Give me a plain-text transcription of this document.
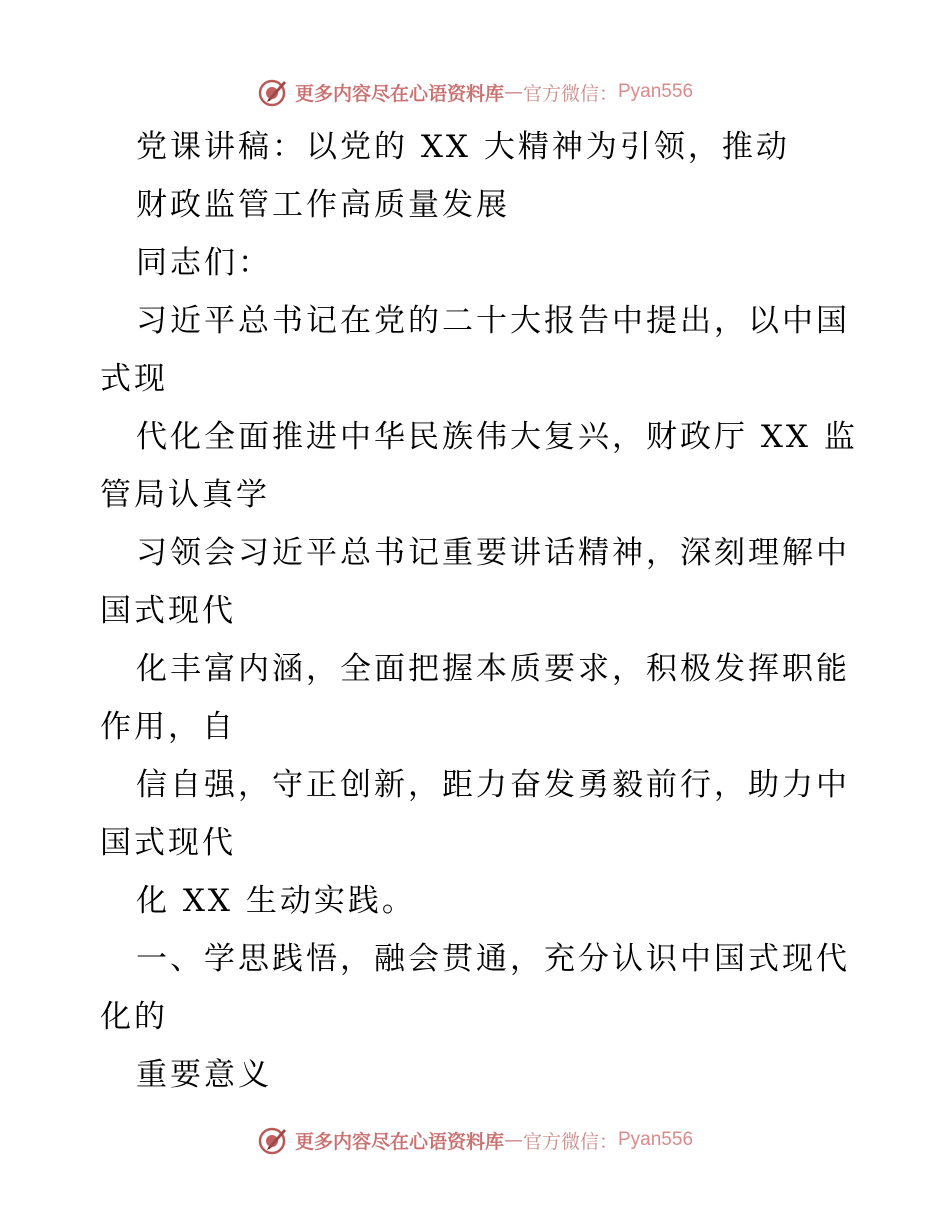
更多内容尽在心语资料库 — 官方微信： Pyan556
党课讲稿：以党的 XX 大精神为引领，推动
财政监管工作高质量发展
同志们：
习近平总书记在党的二十大报告中提出，以中国
式现
代化全面推进中华民族伟大复兴，财政厅 XX 监
管局认真学
习领会习近平总书记重要讲话精神，深刻理解中
国式现代
化丰富内涵，全面把握本质要求，积极发挥职能
作用，自
信自强，守正创新，距力奋发勇毅前行，助力中
国式现代
化 XX 生动实践。
一、学思践悟，融会贯通，充分认识中国式现代
化的
重要意义
更多内容尽在心语资料库 — 官方微信： Pyan556
